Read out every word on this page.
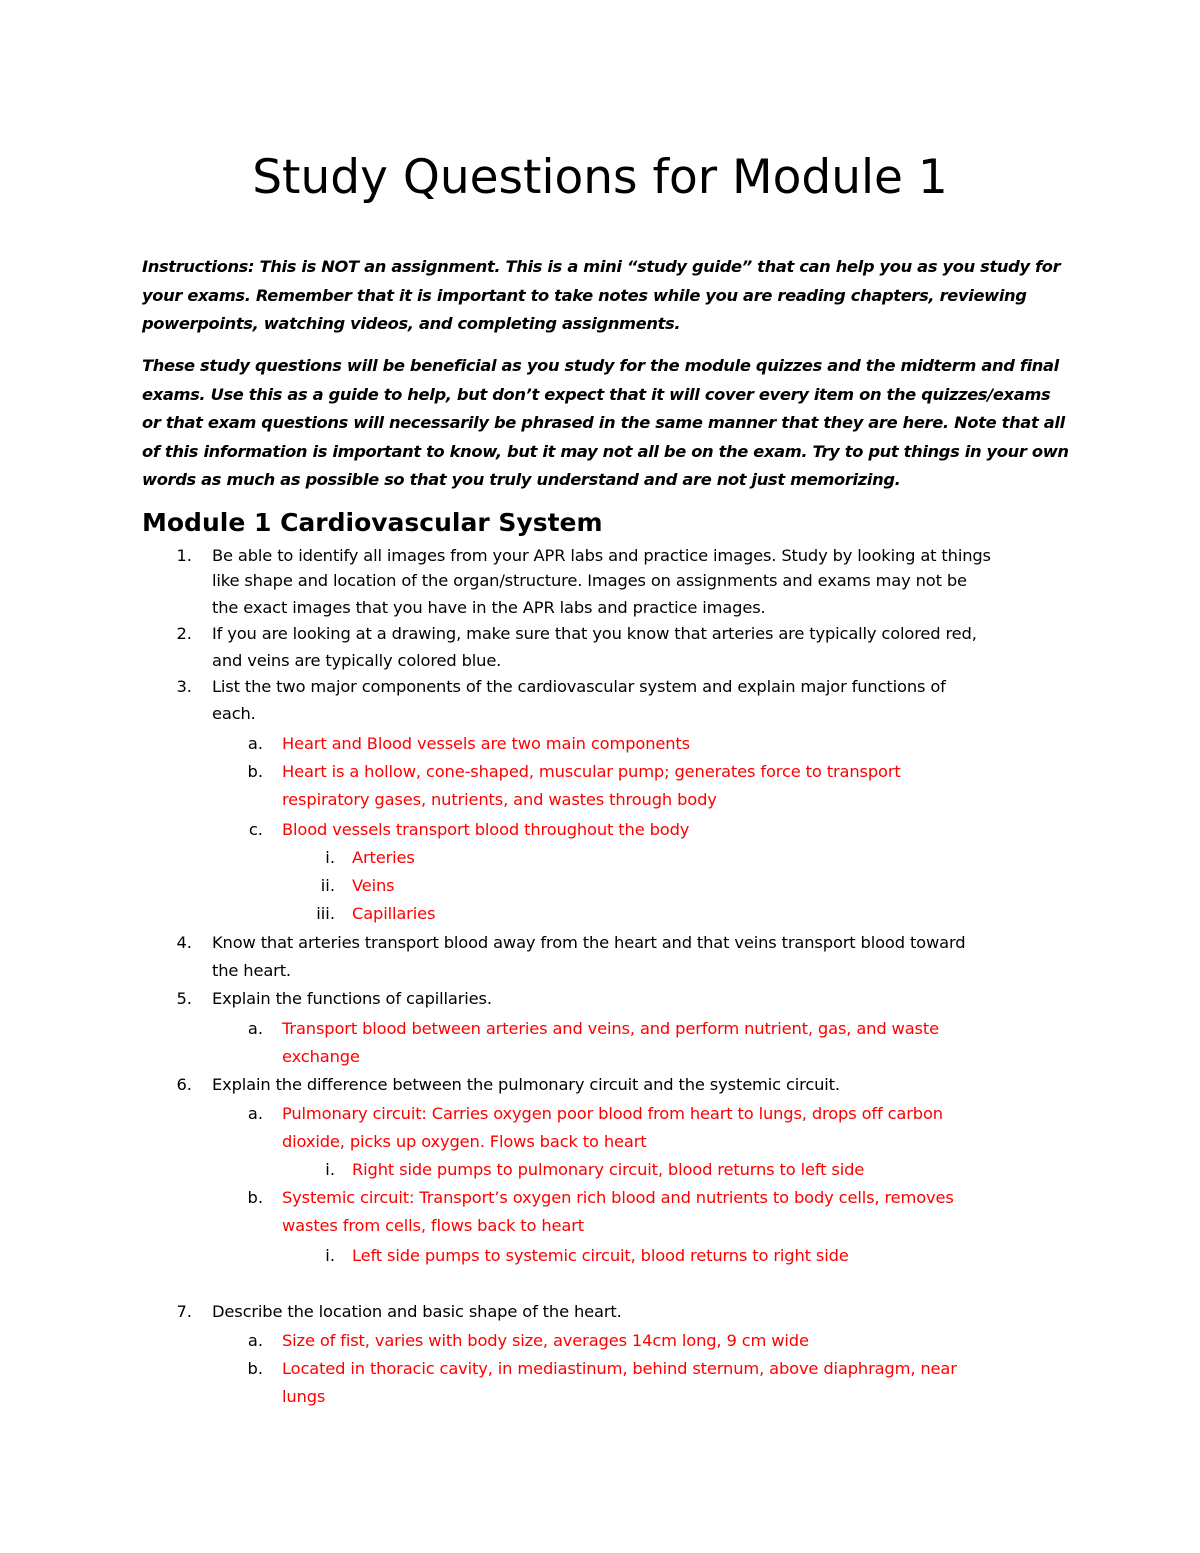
Study Questions for Module 1

Instructions: This is NOT an assignment. This is a mini “study guide” that can help you as you study for your exams. Remember that it is important to take notes while you are reading chapters, reviewing powerpoints, watching videos, and completing assignments.

These study questions will be beneficial as you study for the module quizzes and the midterm and final exams. Use this as a guide to help, but don’t expect that it will cover every item on the quizzes/exams or that exam questions will necessarily be phrased in the same manner that they are here. Note that all of this information is important to know, but it may not all be on the exam. Try to put things in your own words as much as possible so that you truly understand and are not just memorizing.

Module 1 Cardiovascular System
1. Be able to identify all images from your APR labs and practice images. Study by looking at things
like shape and location of the organ/structure. Images on assignments and exams may not be
the exact images that you have in the APR labs and practice images.
2. If you are looking at a drawing, make sure that you know that arteries are typically colored red,
and veins are typically colored blue.
3. List the two major components of the cardiovascular system and explain major functions of
each.
a. Heart and Blood vessels are two main components
b. Heart is a hollow, cone-shaped, muscular pump; generates force to transport
respiratory gases, nutrients, and wastes through body
c. Blood vessels transport blood throughout the body
i. Arteries
ii. Veins
iii. Capillaries
4. Know that arteries transport blood away from the heart and that veins transport blood toward
the heart.
5. Explain the functions of capillaries.
a. Transport blood between arteries and veins, and perform nutrient, gas, and waste
exchange
6. Explain the difference between the pulmonary circuit and the systemic circuit.
a. Pulmonary circuit: Carries oxygen poor blood from heart to lungs, drops off carbon
dioxide, picks up oxygen. Flows back to heart
i. Right side pumps to pulmonary circuit, blood returns to left side
b. Systemic circuit: Transport’s oxygen rich blood and nutrients to body cells, removes
wastes from cells, flows back to heart
i. Left side pumps to systemic circuit, blood returns to right side
7. Describe the location and basic shape of the heart.
a. Size of fist, varies with body size, averages 14cm long, 9 cm wide
b. Located in thoracic cavity, in mediastinum, behind sternum, above diaphragm, near
lungs
